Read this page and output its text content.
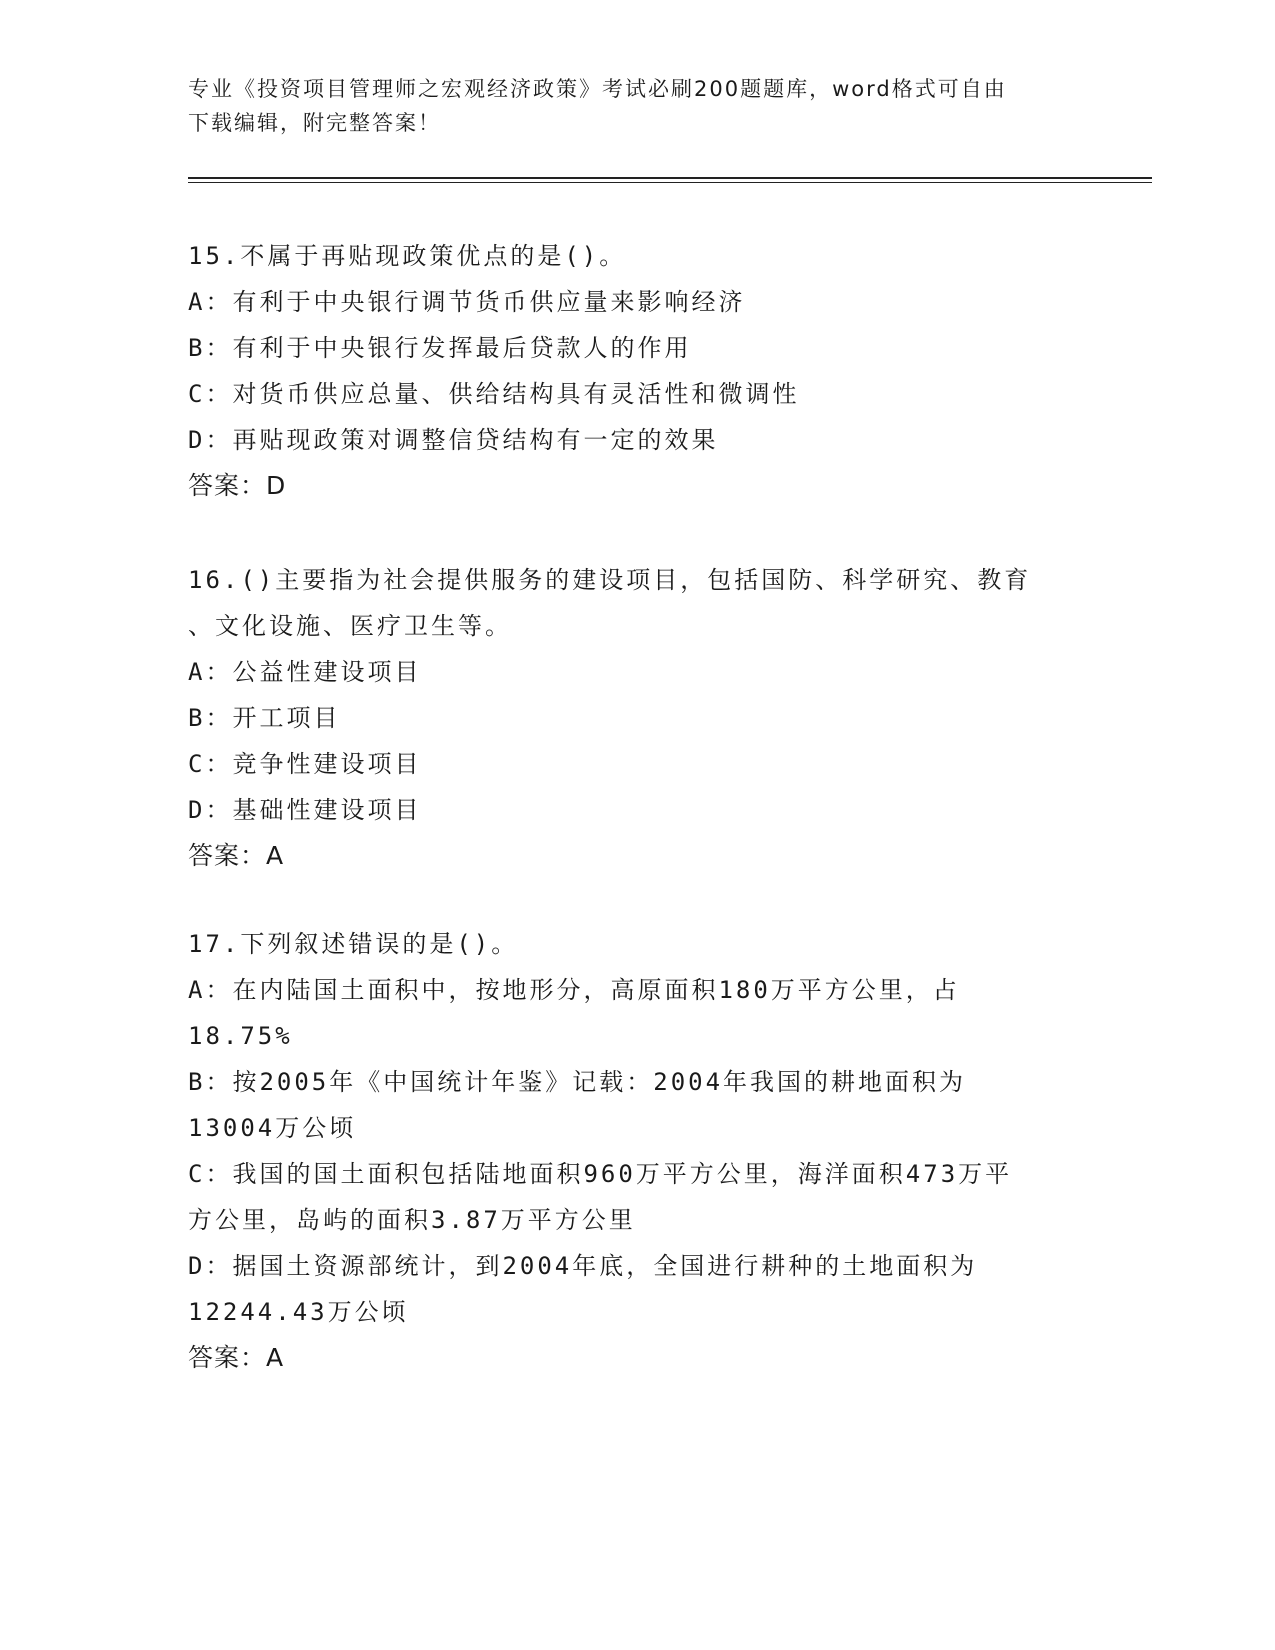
专业《投资项目管理师之宏观经济政策》考试必刷200题题库，word格式可自由
下载编辑，附完整答案！
15.不属于再贴现政策优点的是()。
A：有利于中央银行调节货币供应量来影响经济
B：有利于中央银行发挥最后贷款人的作用
C：对货币供应总量、供给结构具有灵活性和微调性
D：再贴现政策对调整信贷结构有一定的效果
答案：D
16.()主要指为社会提供服务的建设项目，包括国防、科学研究、教育
、文化设施、医疗卫生等。
A：公益性建设项目
B：开工项目
C：竞争性建设项目
D：基础性建设项目
答案：A
17.下列叙述错误的是()。
A：在内陆国土面积中，按地形分，高原面积180万平方公里，占
18.75%
B：按2005年《中国统计年鉴》记载：2004年我国的耕地面积为
13004万公顷
C：我国的国土面积包括陆地面积960万平方公里，海洋面积473万平
方公里，岛屿的面积3.87万平方公里
D：据国土资源部统计，到2004年底，全国进行耕种的土地面积为
12244.43万公顷
答案：A
